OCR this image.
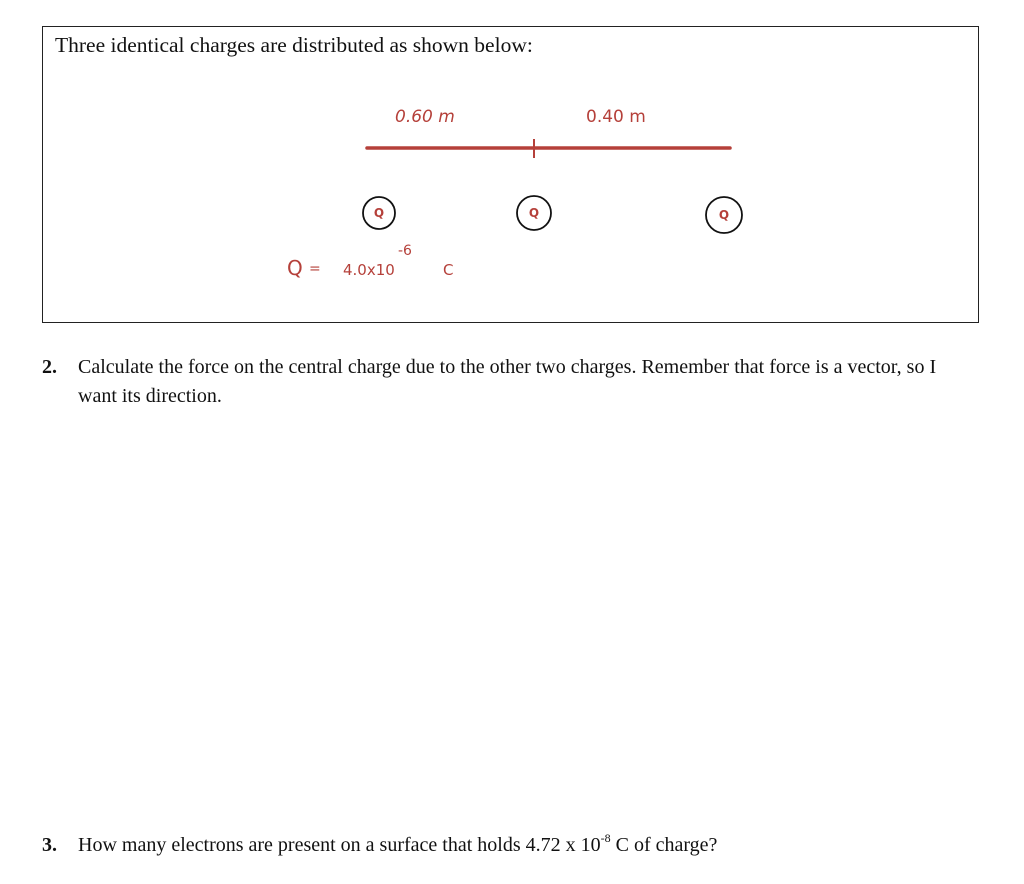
Three identical charges are distributed as shown below:
0.60 m	0.40 m
Q	Q	Q
Q = 4.0x10
-6
C
2. Calculate the force on the central charge due to the other two charges. Remember that force is a vector, so I want its direction.
3. How many electrons are present on a surface that holds 4.72 x $10^{-8}$ C of charge?
